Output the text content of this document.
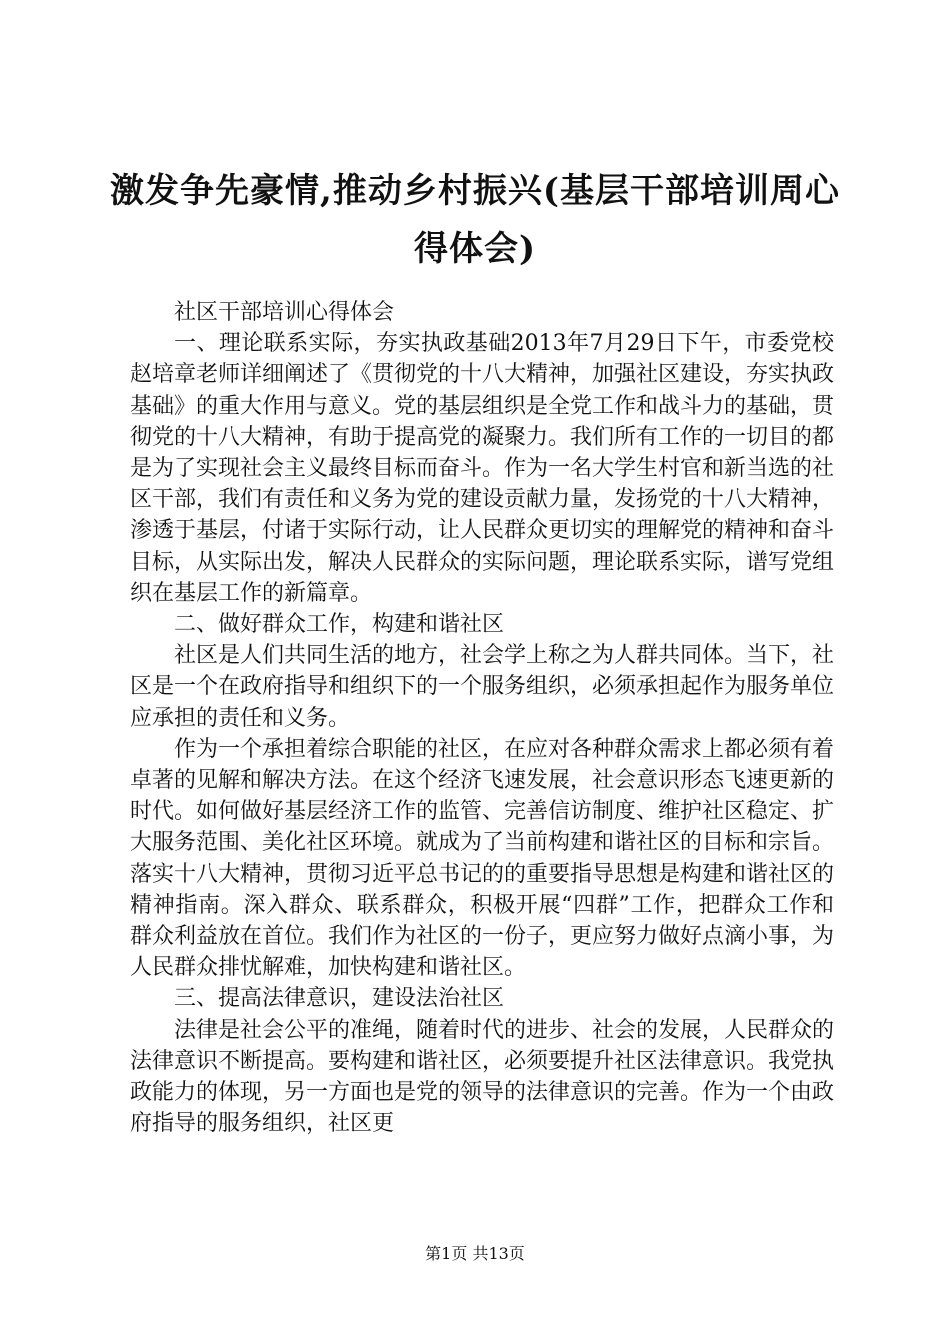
激发争先豪情,推动乡村振兴(基层干部培训周心得体会)

社区干部培训心得体会

一、理论联系实际，夯实执政基础2013年7月29日下午，市委党校赵培章老师详细阐述了《贯彻党的十八大精神，加强社区建设，夯实执政基础》的重大作用与意义。党的基层组织是全党工作和战斗力的基础，贯彻党的十八大精神，有助于提高党的凝聚力。我们所有工作的一切目的都是为了实现社会主义最终目标而奋斗。作为一名大学生村官和新当选的社区干部，我们有责任和义务为党的建设贡献力量，发扬党的十八大精神，渗透于基层，付诸于实际行动，让人民群众更切实的理解党的精神和奋斗目标，从实际出发，解决人民群众的实际问题，理论联系实际，谱写党组织在基层工作的新篇章。

二、做好群众工作，构建和谐社区

社区是人们共同生活的地方，社会学上称之为人群共同体。当下，社区是一个在政府指导和组织下的一个服务组织，必须承担起作为服务单位应承担的责任和义务。

作为一个承担着综合职能的社区，在应对各种群众需求上都必须有着卓著的见解和解决方法。在这个经济飞速发展，社会意识形态飞速更新的时代。如何做好基层经济工作的监管、完善信访制度、维护社区稳定、扩大服务范围、美化社区环境。就成为了当前构建和谐社区的目标和宗旨。落实十八大精神，贯彻习近平总书记的的重要指导思想是构建和谐社区的精神指南。深入群众、联系群众，积极开展“四群”工作，把群众工作和群众利益放在首位。我们作为社区的一份子，更应努力做好点滴小事，为人民群众排忧解难，加快构建和谐社区。

三、提高法律意识，建设法治社区

法律是社会公平的准绳，随着时代的进步、社会的发展，人民群众的法律意识不断提高。要构建和谐社区，必须要提升社区法律意识。我党执政能力的体现，另一方面也是党的领导的法律意识的完善。作为一个由政府指导的服务组织，社区更

第1页 共13页
